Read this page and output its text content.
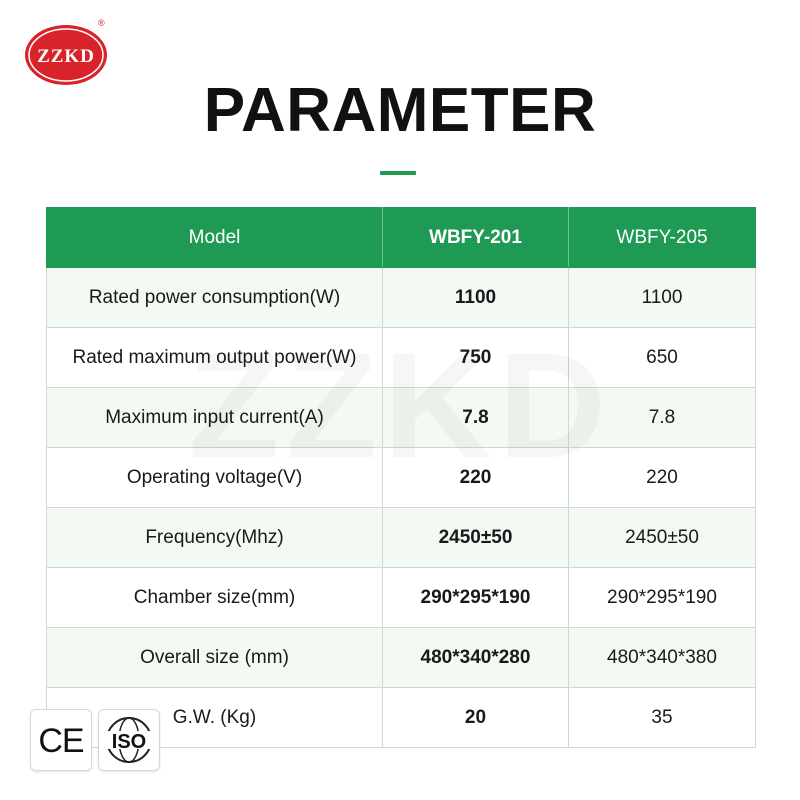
ZZKD
®
PARAMETER
Model	WBFY-201	WBFY-205
Rated power consumption(W)	1100	1100
Rated maximum output power(W)	750	650
Maximum input current(A)	7.8	7.8
Operating voltage(V)	220	220
Frequency(Mhz)	2450±50	2450±50
Chamber size(mm)	290*295*190	290*295*190
Overall size (mm)	480*340*280	480*340*380
G.W. (Kg)	20	35
CE ISO
